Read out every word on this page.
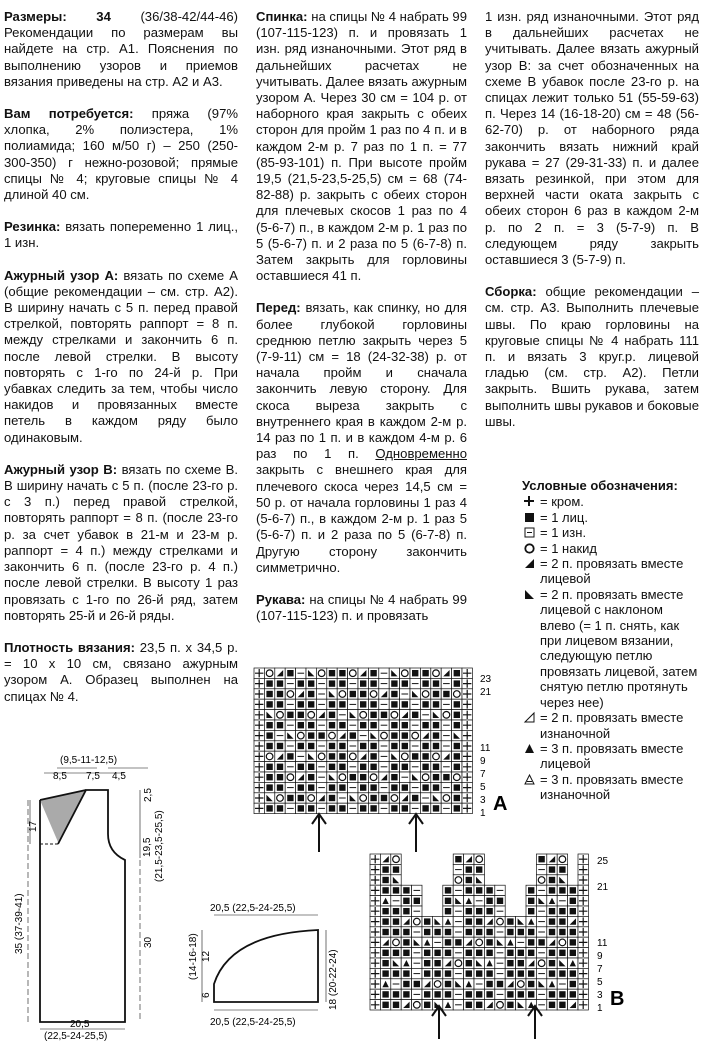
Размеры: 34 (36/38-42/44-46) Рекомендации по размерам вы найдете на стр. А1. Пояснения по выполнению узоров и приемов вязания приведены на стр. А2 и А3.

Вам потребуется: пряжа (97% хлопка, 2% полиэстера, 1% полиамида; 160 м/50 г) – 250 (250-300-350) г нежно-розовой; прямые спицы № 4; круговые спицы № 4 длиной 40 см.

Резинка: вязать попеременно 1 лиц., 1 изн.

Ажурный узор А: вязать по схеме А (общие рекомендации – см. стр. А2). В ширину начать с 5 п. перед правой стрелкой, повторять раппорт = 8 п. между стрелками и закончить 6 п. после левой стрелки. В высоту повторять с 1-го по 24-й р. При убавках следить за тем, чтобы число накидов и провязанных вместе петель в каждом ряду было одинаковым.

Ажурный узор В: вязать по схеме В. В ширину начать с 5 п. (после 23-го р. с 3 п.) перед правой стрелкой, повторять раппорт = 8 п. (после 23-го р. за счет убавок в 21-м и 23-м р. раппорт = 4 п.) между стрелками и закончить 6 п. (после 23-го р. 4 п.) после левой стрелки. В высоту 1 раз провязать с 1-го по 26-й ряд, затем повторять 25-й и 26-й ряды.

Плотность вязания: 23,5 п. х 34,5 р. = 10 х 10 см, связано ажурным узором А. Образец выполнен на спицах № 4.

Спинка: на спицы № 4 набрать 99 (107-115-123) п. и провязать 1 изн. ряд изнаночными. Этот ряд в дальнейших расчетах не учитывать. Далее вязать ажурным узором А. Через 30 см = 104 р. от наборного края закрыть с обеих сторон для пройм 1 раз по 4 п. и в каждом 2-м р. 7 раз по 1 п. = 77 (85-93-101) п. При высоте пройм 19,5 (21,5-23,5-25,5) см = 68 (74-82-88) р. закрыть с обеих сторон для плечевых скосов 1 раз по 4 (5-6-7) п., в каждом 2-м р. 1 раз по 5 (5-6-7) п. и 2 раза по 5 (6-7-8) п. Затем закрыть для горловины оставшиеся 41 п.

Перед: вязать, как спинку, но для более глубокой горловины среднюю петлю закрыть через 5 (7-9-11) см = 18 (24-32-38) р. от начала пройм и сначала закончить левую сторону. Для скоса выреза закрыть с внутреннего края в каждом 2-м р. 14 раз по 1 п. и в каждом 4-м р. 6 раз по 1 п. Одновременно закрыть с внешнего края для плечевого скоса через 14,5 см = 50 р. от начала горловины 1 раз 4 (5-6-7) п., в каждом 2-м р. 1 раз 5 (5-6-7) п. и 2 раза по 5 (6-7-8) п. Другую сторону закончить симметрично.

Рукава: на спицы № 4 набрать 99 (107-115-123) п. и провязать

1 изн. ряд изнаночными. Этот ряд в дальнейших расчетах не учитывать. Далее вязать ажурный узор В: за счет обозначенных на схеме В убавок после 23-го р. на спицах лежит только 51 (55-59-63) п. Через 14 (16-18-20) см = 48 (56-62-70) р. от наборного ряда закончить вязать нижний край рукава = 27 (29-31-33) п. и далее вязать резинкой, при этом для верхней части оката закрыть с обеих сторон 6 раз в каждом 2-м р. по 2 п. = 3 (5-7-9) п. В следующем ряду закрыть оставшиеся 3 (5-7-9) п.

Сборка: общие рекомендации – см. стр. А3. Выполнить плечевые швы. По краю горловины на круговые спицы № 4 набрать 111 п. и вязать 3 круг.р. лицевой гладью (см. стр. А2). Петли закрыть. Вшить рукава, затем выполнить швы рукавов и боковые швы.

Условные обозначения:
= кром.
= 1 лиц.
= 1 изн.
= 1 накид
= 2 п. провязать вместе лицевой
= 2 п. провязать вместе лицевой с наклоном влево (= 1 п. снять, как при лицевом вязании, следующую петлю провязать лицевой, затем снятую петлю протянуть через нее)
= 2 п. провязать вместе изнаночной
= 3 п. провязать вместе лицевой
= 3 п. провязать вместе изнаночной
23
21
11
9
7
5
3
1 A
25
21
11
9
7
5
3
1 B
(9,5-11-12,5)
8,5 7,5 4,5
2,5
17
19,5 (21,5-23,5-25,5)
35 (37-39-41)	30
20,5
(22,5-24-25,5)
20,5 (22,5-24-25,5)
(14-16-18) 12
6	18 (20-22-24)
20,5 (22,5-24-25,5)
